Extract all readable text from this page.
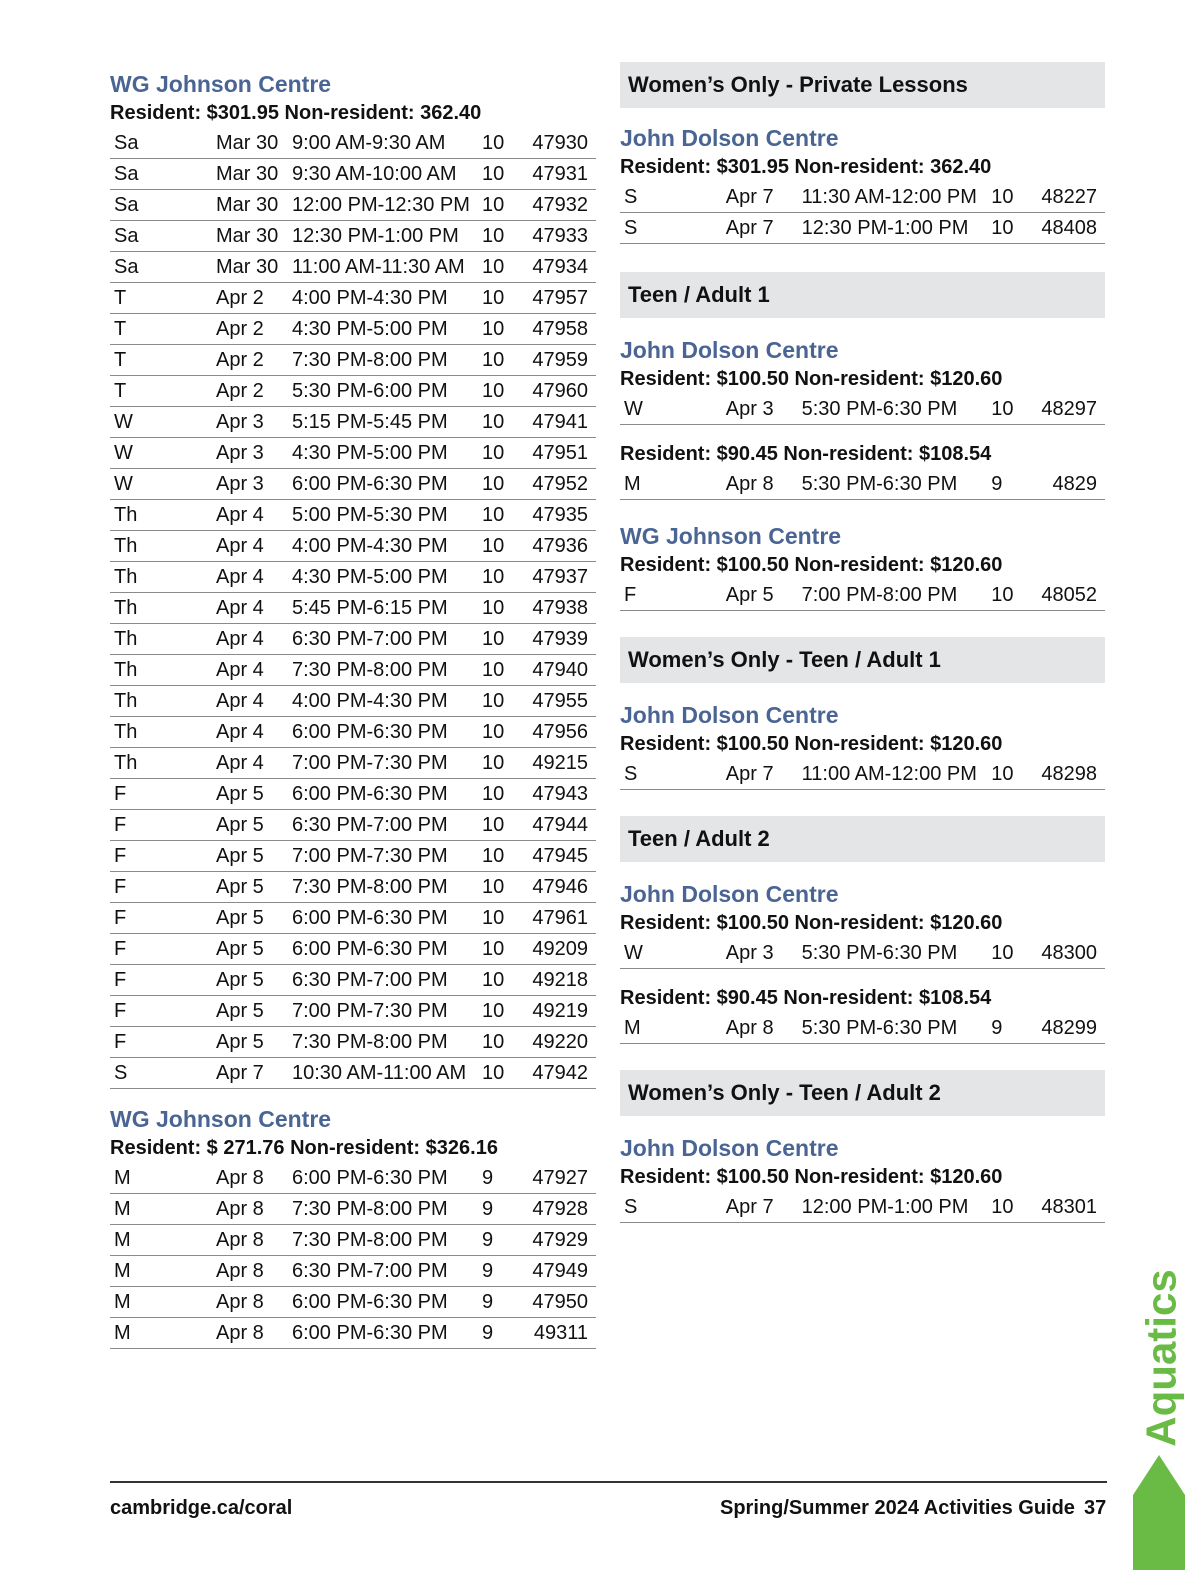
WG Johnson Centre
Resident: $301.95 Non-resident: 362.40
Sa	Mar 30 9:00 AM-9:30 AM	10	47930
Sa	Mar 30 9:30 AM-10:00 AM	10	47931
Sa	Mar 30 12:00 PM-12:30 PM 10	47932
Sa	Mar 30 12:30 PM-1:00 PM	10	47933
Sa	Mar 30 11:00 AM-11:30 AM 10	47934
T	Apr 2	4:00 PM-4:30 PM	10	47957
T	Apr 2	4:30 PM-5:00 PM	10	47958
T	Apr 2	7:30 PM-8:00 PM	10	47959
T	Apr 2	5:30 PM-6:00 PM	10	47960
W	Apr 3	5:15 PM-5:45 PM	10	47941
W	Apr 3	4:30 PM-5:00 PM	10	47951
W	Apr 3	6:00 PM-6:30 PM	10	47952
Th	Apr 4	5:00 PM-5:30 PM	10	47935
Th	Apr 4	4:00 PM-4:30 PM	10	47936
Th	Apr 4	4:30 PM-5:00 PM	10	47937
Th	Apr 4	5:45 PM-6:15 PM	10	47938
Th	Apr 4	6:30 PM-7:00 PM	10	47939
Th	Apr 4	7:30 PM-8:00 PM	10	47940
Th	Apr 4	4:00 PM-4:30 PM	10	47955
Th	Apr 4	6:00 PM-6:30 PM	10	47956
Th	Apr 4	7:00 PM-7:30 PM	10	49215
F	Apr 5	6:00 PM-6:30 PM	10	47943
F	Apr 5	6:30 PM-7:00 PM	10	47944
F	Apr 5	7:00 PM-7:30 PM	10	47945
F	Apr 5	7:30 PM-8:00 PM	10	47946
F	Apr 5	6:00 PM-6:30 PM	10	47961
F	Apr 5	6:00 PM-6:30 PM	10	49209
F	Apr 5	6:30 PM-7:00 PM	10	49218
F	Apr 5	7:00 PM-7:30 PM	10	49219
F	Apr 5	7:30 PM-8:00 PM	10	49220
S	Apr 7	10:30 AM-11:00 AM 10	47942
WG Johnson Centre
Resident: $ 271.76 Non-resident: $326.16
M	Apr 8	6:00 PM-6:30 PM	9	47927
M	Apr 8	7:30 PM-8:00 PM	9	47928
M	Apr 8	7:30 PM-8:00 PM	9	47929
M	Apr 8	6:30 PM-7:00 PM	9	47949
M	Apr 8	6:00 PM-6:30 PM	9	47950
M	Apr 8	6:00 PM-6:30 PM	9	49311
Women’s Only - Private Lessons
John Dolson Centre
Resident: $301.95 Non-resident: 362.40
S	Apr 7	11:30 AM-12:00 PM 10	48227
S	Apr 7	12:30 PM-1:00 PM	10	48408
Teen / Adult 1
John Dolson Centre
Resident: $100.50 Non-resident: $120.60
W	Apr 3	5:30 PM-6:30 PM	10	48297
Resident: $90.45 Non-resident: $108.54
M	Apr 8	5:30 PM-6:30 PM	9	4829
WG Johnson Centre
Resident: $100.50 Non-resident: $120.60
F	Apr 5	7:00 PM-8:00 PM	10	48052
Women’s Only - Teen / Adult 1
John Dolson Centre
Resident: $100.50 Non-resident: $120.60
S	Apr 7	11:00 AM-12:00 PM 10	48298
Teen / Adult 2
John Dolson Centre
Resident: $100.50 Non-resident: $120.60
W	Apr 3	5:30 PM-6:30 PM	10	48300
Resident: $90.45 Non-resident: $108.54
M	Apr 8	5:30 PM-6:30 PM	9	48299
Women’s Only - Teen / Adult 2
John Dolson Centre
Resident: $100.50 Non-resident: $120.60
S	Apr 7	12:00 PM-1:00 PM	10	48301
Aquatics
cambridge.ca/coral	Spring/Summer 2024 Activities Guide 37
